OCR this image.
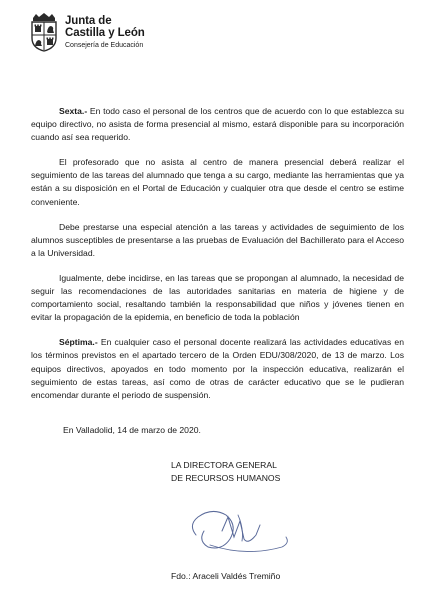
Junta de
Castilla y León
Consejería de Educación

Sexta.- En todo caso el personal de los centros que de acuerdo con lo que establezca su equipo directivo, no asista de forma presencial al mismo, estará disponible para su incorporación cuando así sea requerido.

El profesorado que no asista al centro de manera presencial deberá realizar el seguimiento de las tareas del alumnado que tenga a su cargo, mediante las herramientas que ya están a su disposición en el Portal de Educación y cualquier otra que desde el centro se estime conveniente.

Debe prestarse una especial atención a las tareas y actividades de seguimiento de los alumnos susceptibles de presentarse a las pruebas de Evaluación del Bachillerato para el Acceso a la Universidad.

Igualmente, debe incidirse, en las tareas que se propongan al alumnado, la necesidad de seguir las recomendaciones de las autoridades sanitarias en materia de higiene y de comportamiento social, resaltando también la responsabilidad que niños y jóvenes tienen en evitar la propagación de la epidemia, en beneficio de toda la población

Séptima.- En cualquier caso el personal docente realizará las actividades educativas en los términos previstos en el apartado tercero de la Orden EDU/308/2020, de 13 de marzo. Los equipos directivos, apoyados en todo momento por la inspección educativa, realizarán el seguimiento de estas tareas, así como de otras de carácter educativo que se le pudieran encomendar durante el periodo de suspensión.

En Valladolid, 14 de marzo de 2020.
LA DIRECTORA GENERAL
DE RECURSOS HUMANOS
Fdo.: Araceli Valdés Tremiño
